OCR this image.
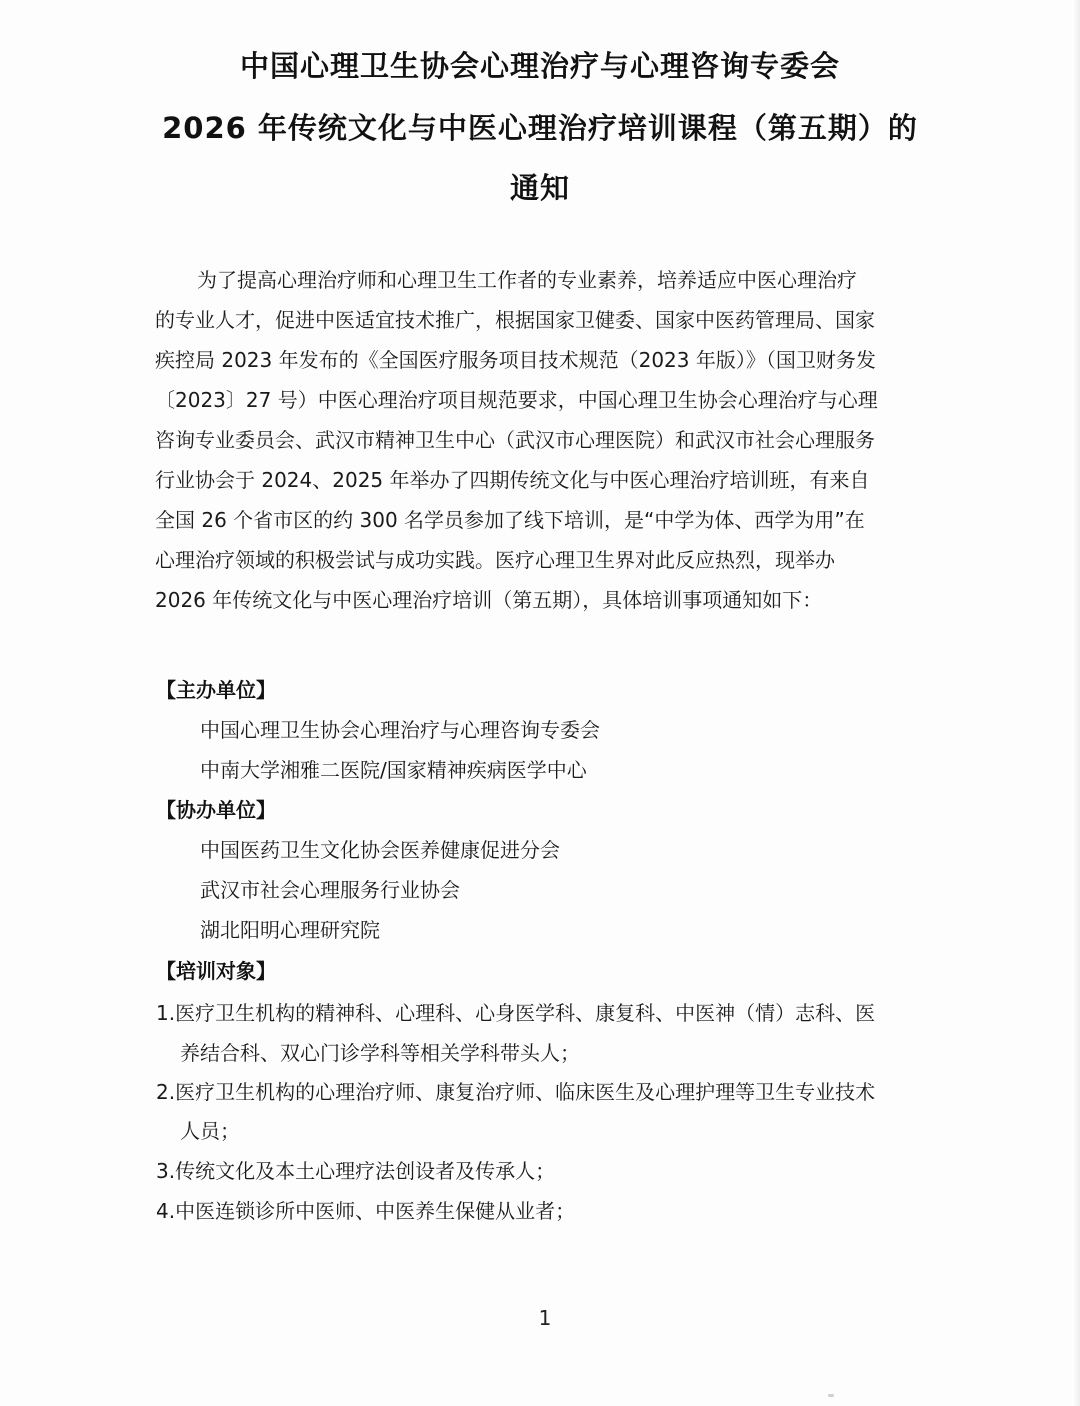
中国心理卫生协会心理治疗与心理咨询专委会
2026 年传统文化与中医心理治疗培训课程（第五期）的
通知
为了提高心理治疗师和心理卫生工作者的专业素养，培养适应中医心理治疗
的专业人才，促进中医适宜技术推广，根据国家卫健委、国家中医药管理局、国家
疾控局 2023 年发布的《全国医疗服务项目技术规范（2023 年版）》（国卫财务发
〔2023〕27 号）中医心理治疗项目规范要求，中国心理卫生协会心理治疗与心理
咨询专业委员会、武汉市精神卫生中心（武汉市心理医院）和武汉市社会心理服务
行业协会于 2024、2025 年举办了四期传统文化与中医心理治疗培训班，有来自
全国 26 个省市区的约 300 名学员参加了线下培训，是“中学为体、西学为用”在
心理治疗领域的积极尝试与成功实践。医疗心理卫生界对此反应热烈，现举办
2026 年传统文化与中医心理治疗培训（第五期），具体培训事项通知如下：
【主办单位】
中国心理卫生协会心理治疗与心理咨询专委会
中南大学湘雅二医院/国家精神疾病医学中心
【协办单位】
中国医药卫生文化协会医养健康促进分会
武汉市社会心理服务行业协会
湖北阳明心理研究院
【培训对象】
1.医疗卫生机构的精神科、心理科、心身医学科、康复科、中医神（情）志科、医
养结合科、双心门诊学科等相关学科带头人；
2.医疗卫生机构的心理治疗师、康复治疗师、临床医生及心理护理等卫生专业技术
人员；
3.传统文化及本土心理疗法创设者及传承人；
4.中医连锁诊所中医师、中医养生保健从业者；
1
